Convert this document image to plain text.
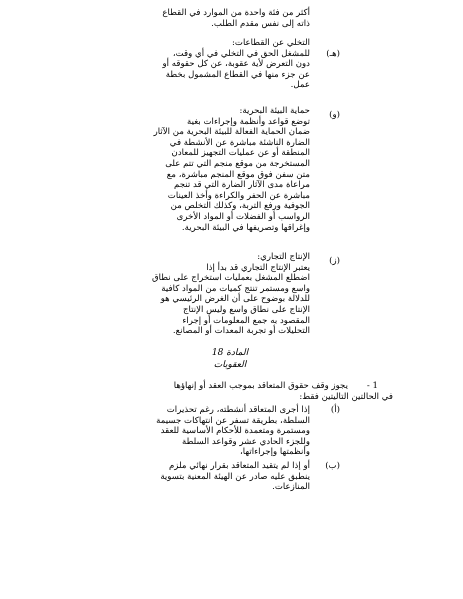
أكثر من فئة واحدة من الموارد في القطاع
ذاته إلى نفس مقدم الطلب.
(هـ)
التخلي عن القطاعات:
للمشغل الحق في التخلي في أي وقت،
دون التعرض لأية عقوبة، عن كل حقوقه أو
عن جزء منها في القطاع المشمول بخطة
عمل.
(و)
حماية البيئة البحرية:
توضع قواعد وأنظمة وإجراءات بغية
ضمان الحماية الفعالة للبيئة البحرية من الآثار
الضارة الناشئة مباشرة عن الأنشطة في
المنطقة أو عن عمليات التجهيز للمعادن
المستخرجة من موقع منجم التي تتم على
متن سفن فوق موقع المنجم مباشرة، مع
مراعاة مدى الآثار الضارة التي قد تنجم
مباشرة عن الحفر والكراءة وأخذ العينات
الجوفية ورفع التربة، وكذلك التخلص من
الرواسب أو الفضلات أو المواد الأخرى
وإغراقها وتصريفها في البيئة البحرية.
(ز)
الإنتاج التجاري:
يعتبر الإنتاج التجاري قد بدأ إذا
اضطلع المشغل بعمليات استخراج على نطاق
واسع ومستمر تنتج كميات من المواد كافية
للدلالة بوضوح على أن الغرض الرئيسي هو
الإنتاج على نطاق واسع وليس الإنتاج
المقصود به جمع المعلومات أو إجراء
التحليلات أو تجربة المعدات أو المصانع.
المادة 18
العقوبات
1 -
يجوز وقف حقوق المتعاقد بموجب العقد أو إنهاؤها
في الحالتين التاليتين فقط:
(أ)
إذا أجرى المتعاقد أنشطته، رغم تحذيرات
السلطة، بطريقة تسفر عن انتهاكات جسيمة
ومستمرة ومتعمدة للأحكام الأساسية للعقد
وللجزء الحادي عشر وقواعد السلطة
وأنظمتها وإجراءاتها،
(ب)
أو إذا لم يتقيد المتعاقد بقرار نهائي ملزم
ينطبق عليه صادر عن الهيئة المعنية بتسوية
المنازعات.
